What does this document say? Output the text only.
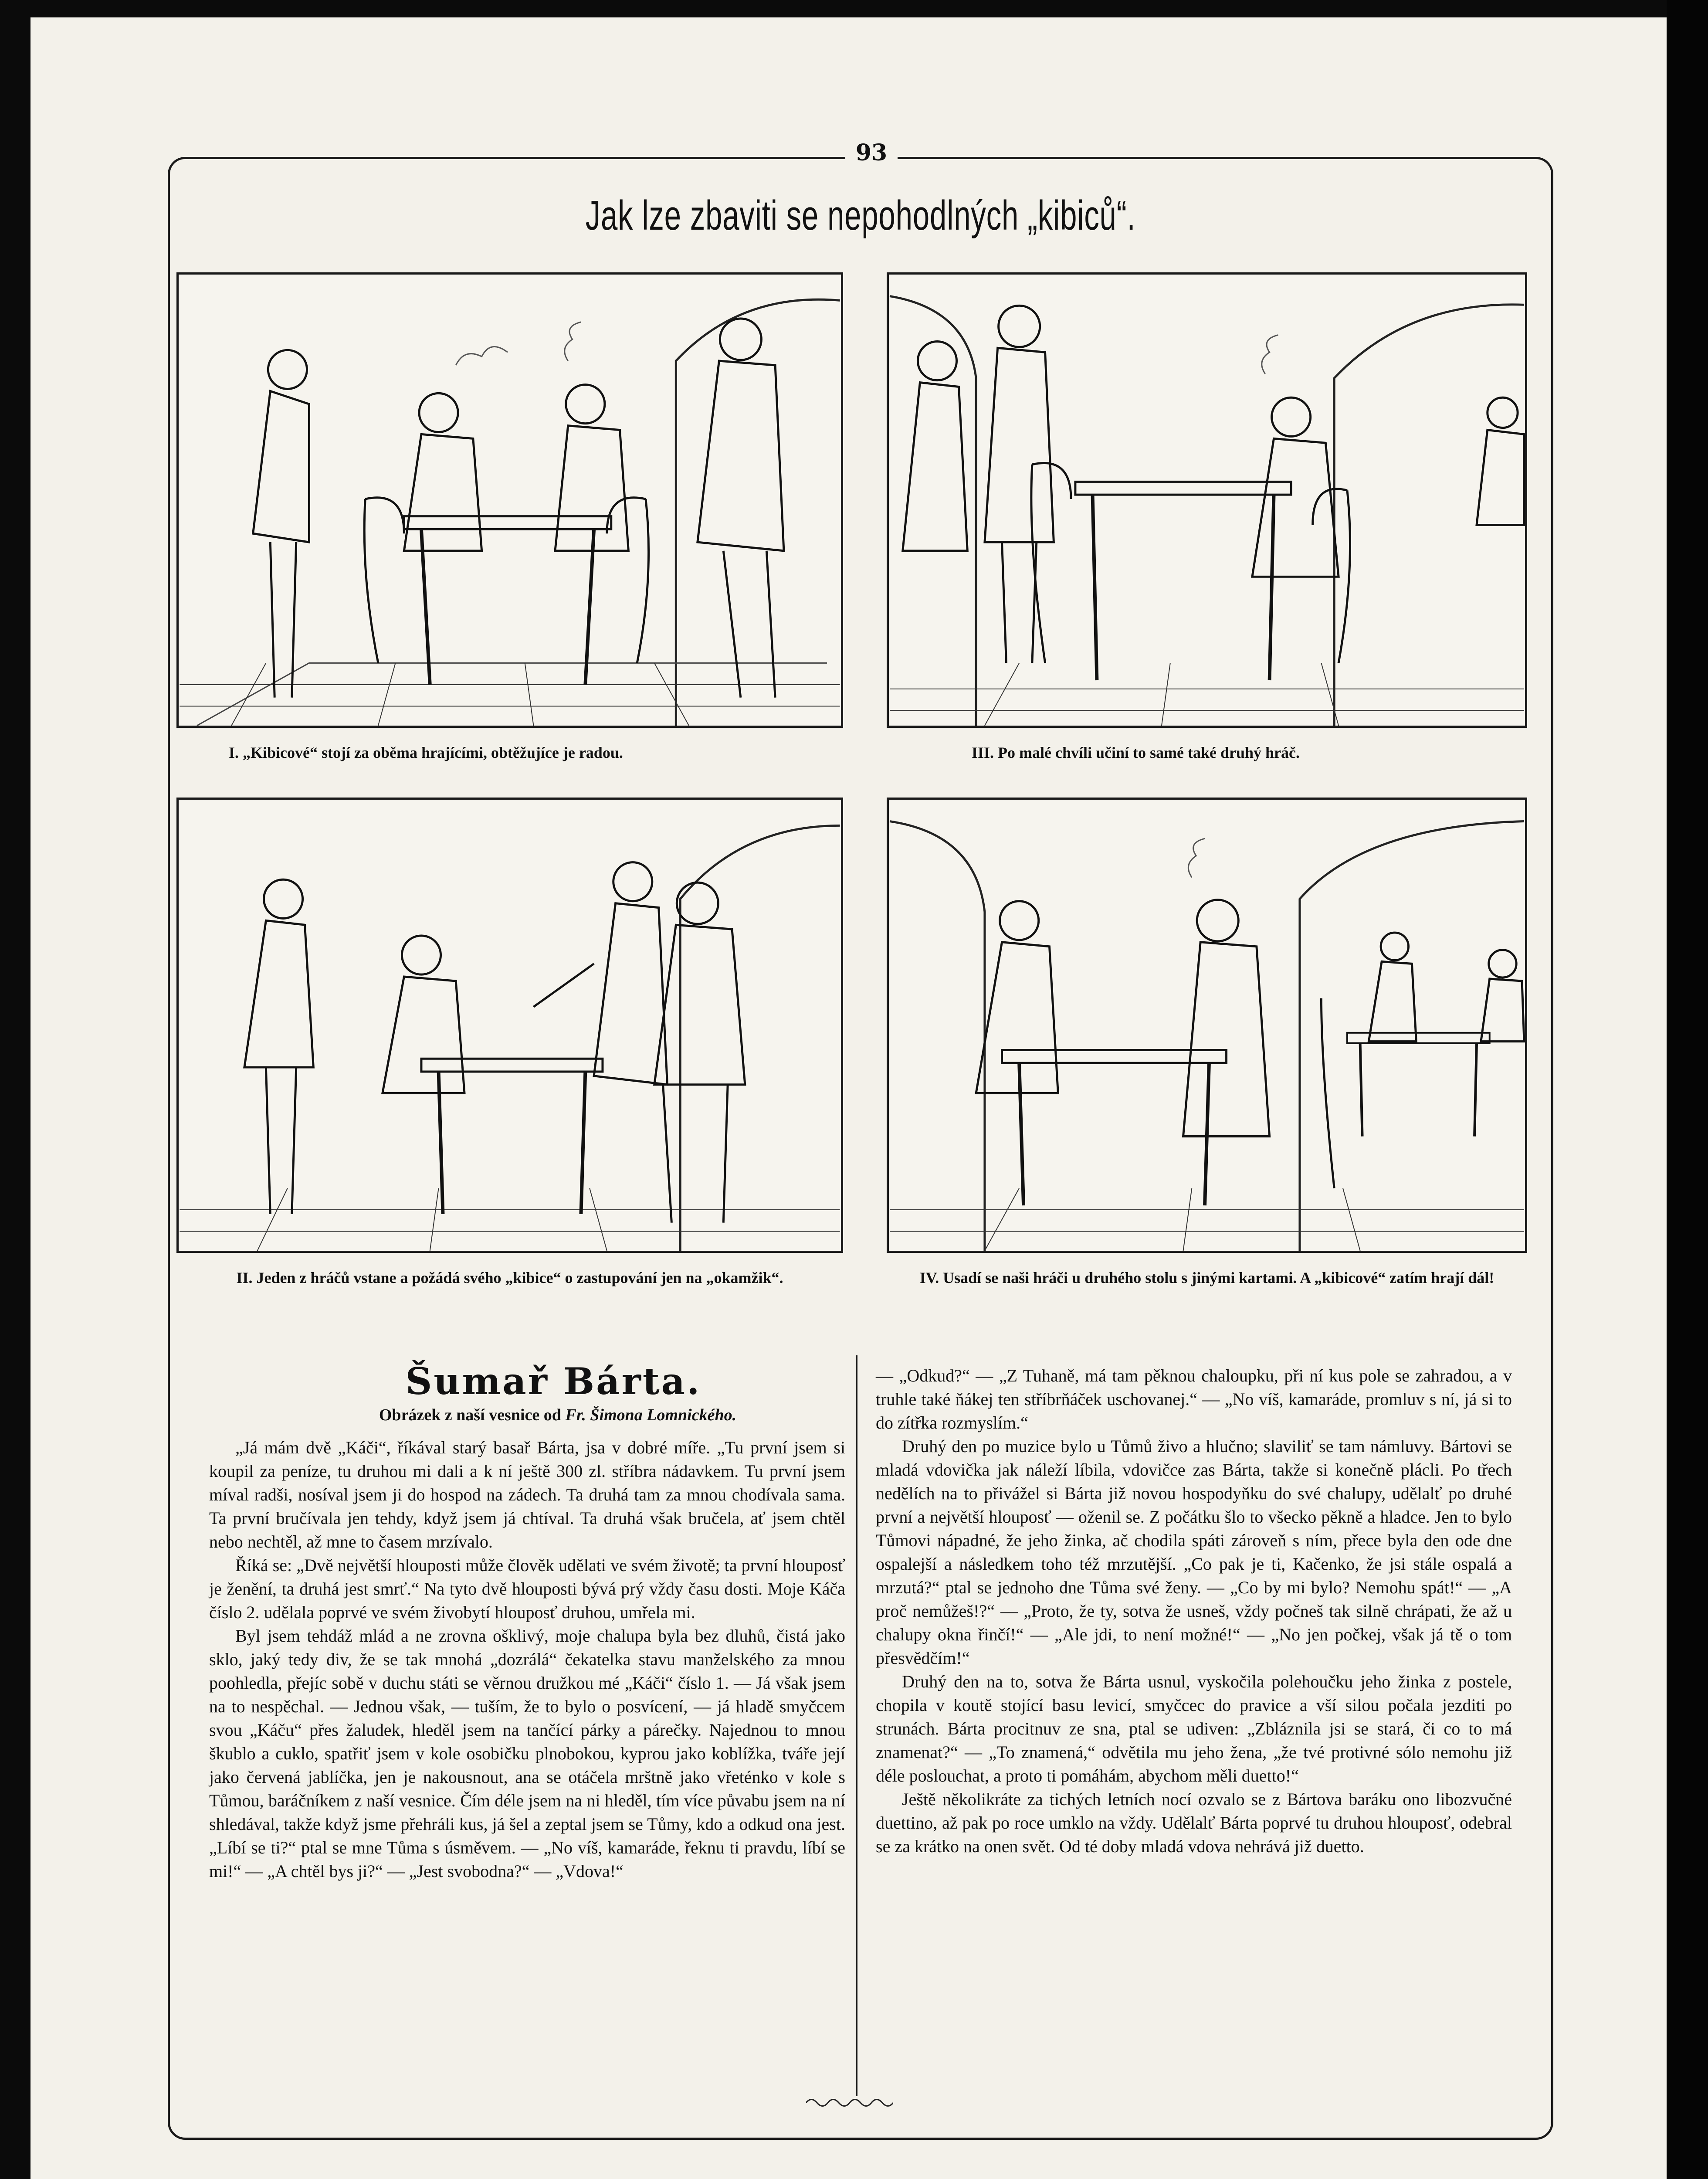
93
Jak lze zbaviti se nepohodlných „kibiců“.
I. „Kibicové“ stojí za oběma hrajícími, obtěžujíce je radou.	III. Po malé chvíli učiní to samé také druhý hráč.
II. Jeden z hráčů vstane a požádá svého „kibice“ o zastupování jen na „okamžik“.	IV. Usadí se naši hráči u druhého stolu s jinými kartami. A „kibicové“ zatím hrají dál!
Šumař Bárta.
Obrázek z naší vesnice od Fr. Šimona Lomnického.

„Já mám dvě „Káči“, říkával starý basař Bárta, jsa v dobré míře. „Tu první jsem si koupil za peníze, tu druhou mi dali a k ní ještě 300 zl. stříbra nádavkem. Tu první jsem míval radši, nosíval jsem ji do hospod na zádech. Ta druhá tam za mnou chodívala sama. Ta první bručívala jen tehdy, když jsem já chtíval. Ta druhá však bručela, ať jsem chtěl nebo nechtěl, až mne to časem mrzívalo.

Říká se: „Dvě největší hlouposti může člověk udělati ve svém životě; ta první hlouposť je ženění, ta druhá jest smrť.“ Na tyto dvě hlouposti bývá prý vždy času dosti. Moje Káča číslo 2. udělala poprvé ve svém živobytí hlouposť druhou, umřela mi.

Byl jsem tehdáž mlád a ne zrovna ošklivý, moje chalupa byla bez dluhů, čistá jako sklo, jaký tedy div, že se tak mnohá „dozrálá“ čekatelka stavu manželského za mnou poohledla, přejíc sobě v duchu státi se věrnou družkou mé „Káči“ číslo 1. — Já však jsem na to nespěchal. — Jednou však, — tuším, že to bylo o posvícení, — já hladě smyčcem svou „Káču“ přes žaludek, hleděl jsem na tančící párky a párečky. Najednou to mnou škublo a cuklo, spatřiť jsem v kole osobičku plnobokou, kyprou jako koblížka, tváře její jako červená jablíčka, jen je nakousnout, ana se otáčela mrštně jako vřeténko v kole s Tůmou, baráčníkem z naší vesnice. Čím déle jsem na ni hleděl, tím více půvabu jsem na ní shledával, takže když jsme přehráli kus, já šel a zeptal jsem se Tůmy, kdo a odkud ona jest. „Líbí se ti?“ ptal se mne Tůma s úsměvem. — „No víš, kamaráde, řeknu ti pravdu, líbí se mi!“ — „A chtěl bys ji?“ — „Jest svobodna?“ — „Vdova!“

— „Odkud?“ — „Z Tuhaně, má tam pěknou chaloupku, při ní kus pole se zahradou, a v truhle také ňákej ten stříbrňáček uschovanej.“ — „No víš, kamaráde, promluv s ní, já si to do zítřka rozmyslím.“

Druhý den po muzice bylo u Tůmů živo a hlučno; slaviliť se tam námluvy. Bártovi se mladá vdovička jak náleží líbila, vdovičce zas Bárta, takže si konečně plácli. Po třech nedělích na to přivážel si Bárta již novou hospodyňku do své chalupy, udělalť po druhé první a největší hlouposť — oženil se. Z počátku šlo to všecko pěkně a hladce. Jen to bylo Tůmovi nápadné, že jeho žinka, ač chodila spáti zároveň s ním, přece byla den ode dne ospalejší a následkem toho též mrzutější. „Co pak je ti, Kačenko, že jsi stále ospalá a mrzutá?“ ptal se jednoho dne Tůma své ženy. — „Co by mi bylo? Nemohu spát!“ — „A proč nemůžeš!?“ — „Proto, že ty, sotva že usneš, vždy počneš tak silně chrápati, že až u chalupy okna řinčí!“ — „Ale jdi, to není možné!“ — „No jen počkej, však já tě o tom přesvědčím!“

Druhý den na to, sotva že Bárta usnul, vyskočila polehoučku jeho žinka z postele, chopila v koutě stojící basu levicí, smyčcec do pravice a vší silou počala jezditi po strunách. Bárta procitnuv ze sna, ptal se udiven: „Zbláznila jsi se stará, či co to má znamenat?“ — „To znamená,“ odvětila mu jeho žena, „že tvé protivné sólo nemohu již déle poslouchat, a proto ti pomáhám, abychom měli duetto!“

Ještě několikráte za tichých letních nocí ozvalo se z Bártova baráku ono libozvučné duettino, až pak po roce umklo na vždy. Udělalť Bárta poprvé tu druhou hlouposť, odebral se za krátko na onen svět. Od té doby mladá vdova nehrává již duetto.
